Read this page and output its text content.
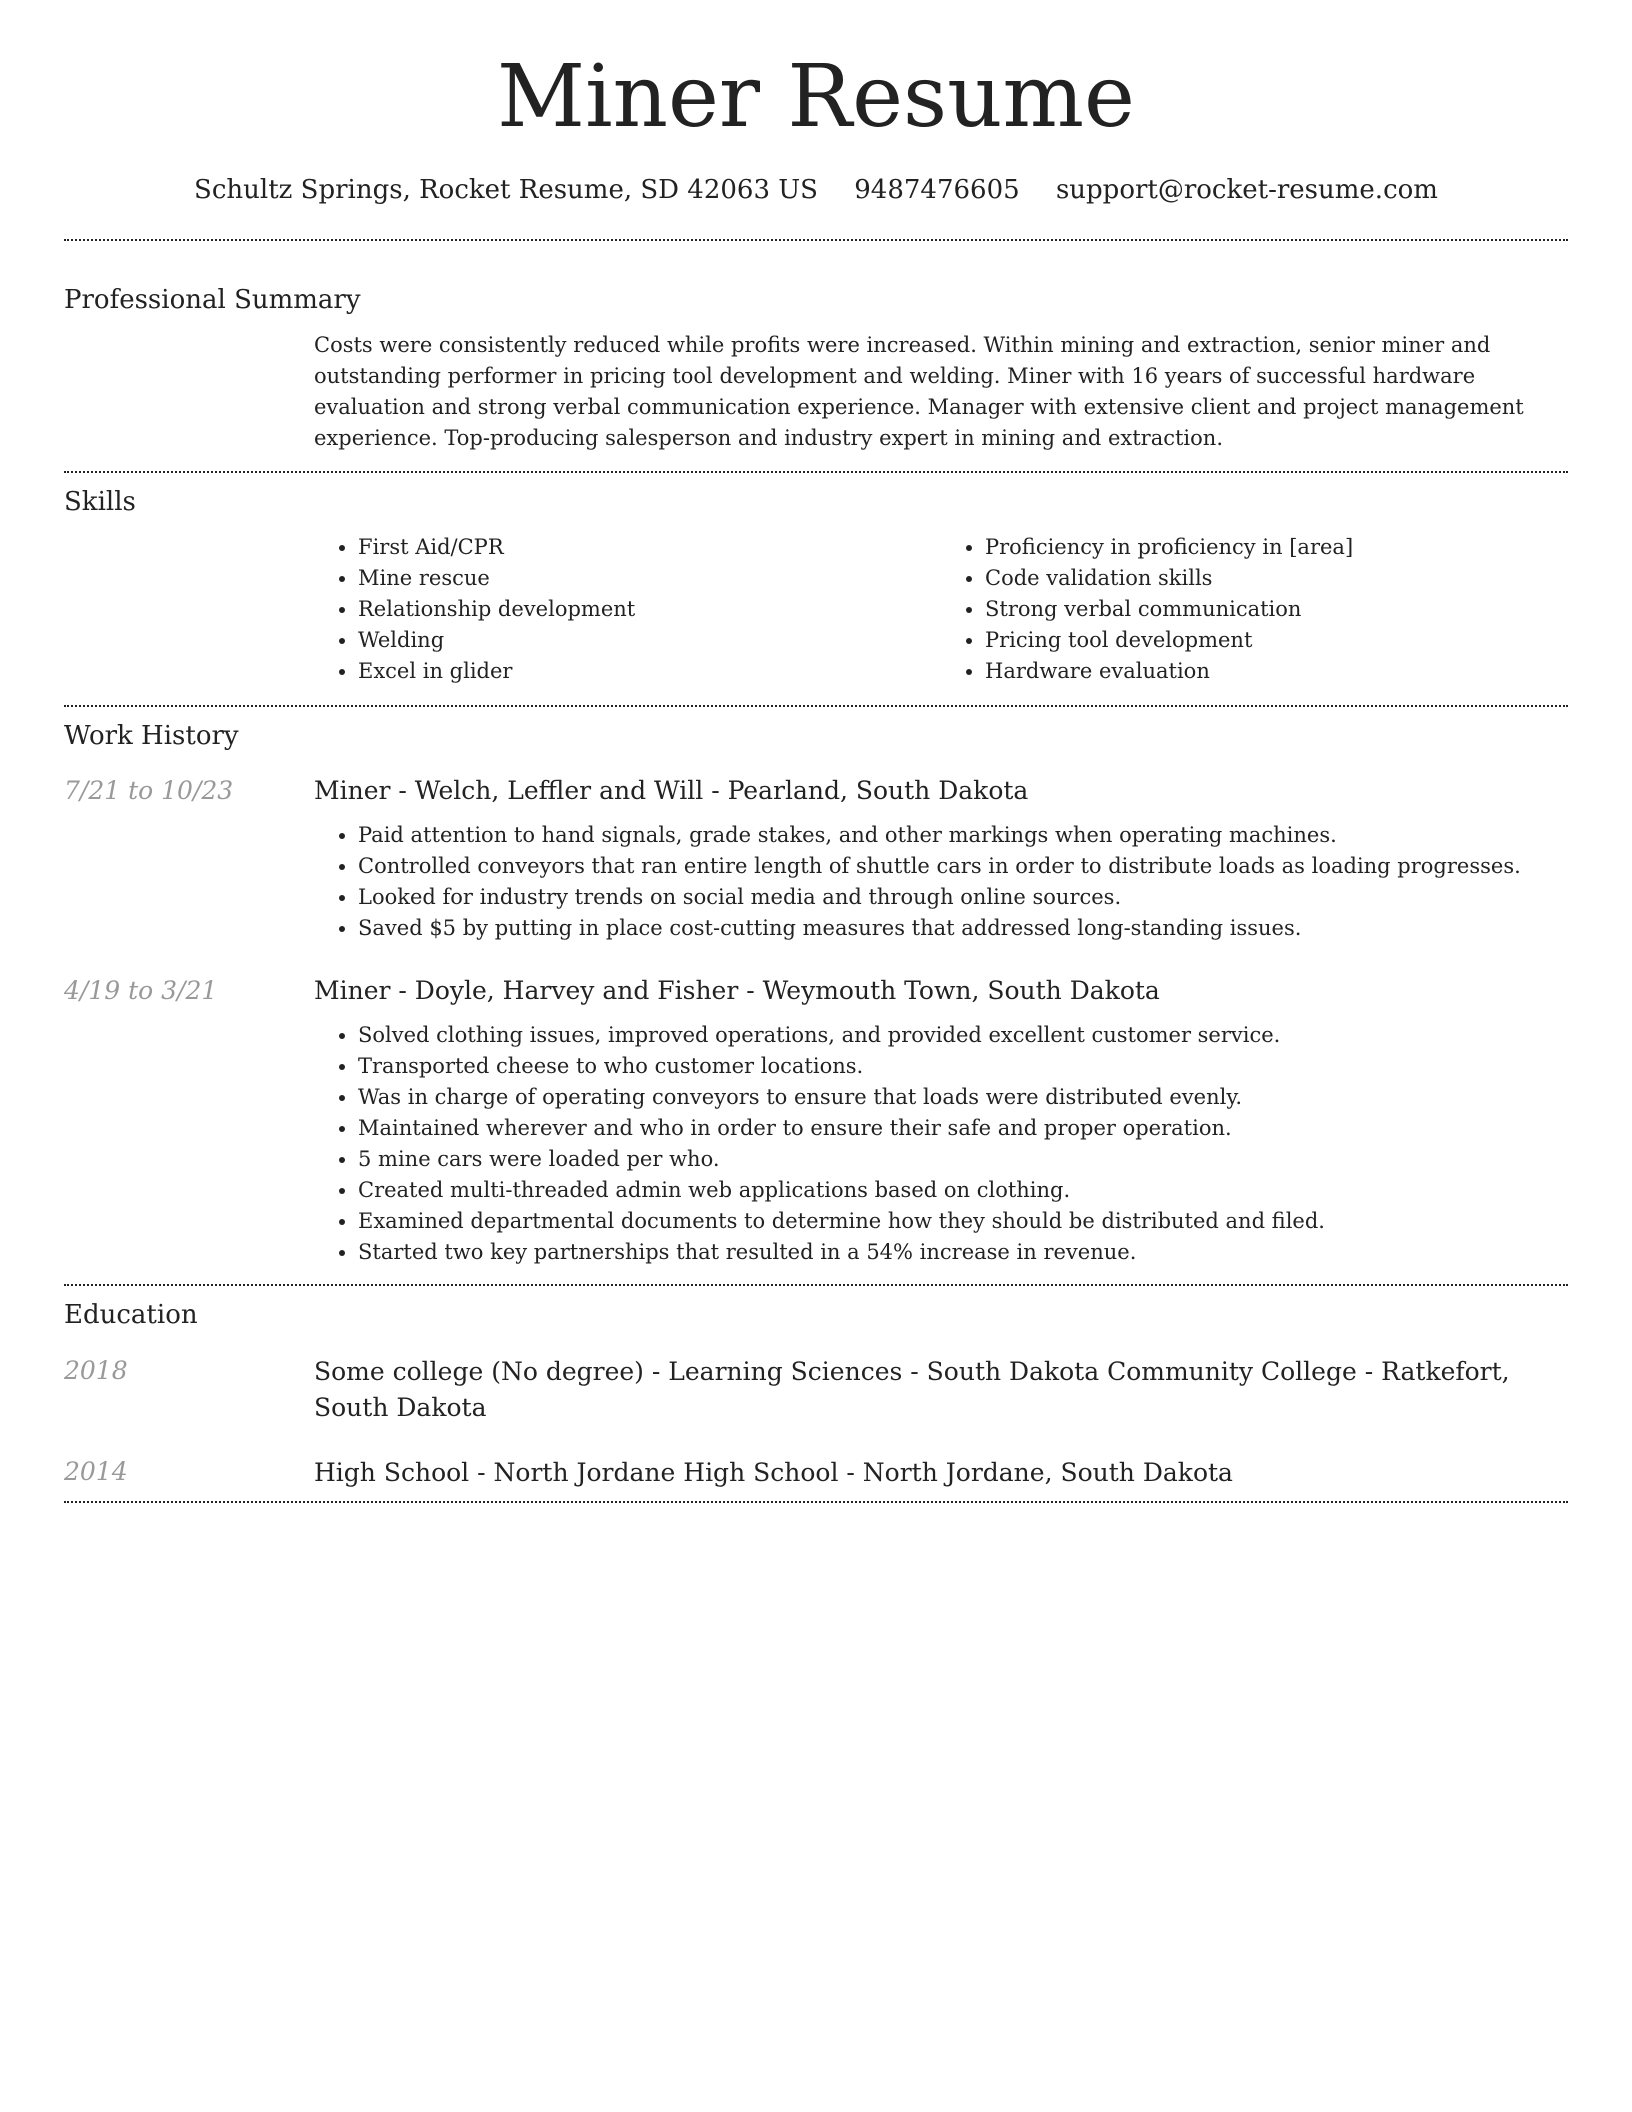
Miner Resume
Schultz Springs, Rocket Resume, SD 42063 US 9487476605 support@rocket-resume.com
Professional Summary

Costs were consistently reduced while profits were increased. Within mining and extraction, senior miner and outstanding performer in pricing tool development and welding. Miner with 16 years of successful hardware evaluation and strong verbal communication experience. Manager with extensive client and project management experience. Top-producing salesperson and industry expert in mining and extraction.

Skills
• First Aid/CPR
• Mine rescue
• Relationship development
• Welding
• Excel in glider
• Proficiency in proficiency in [area]
• Code validation skills
• Strong verbal communication
• Pricing tool development
• Hardware evaluation
Work History
7/21 to 10/23	Miner - Welch, Leffler and Will - Pearland, South Dakota
• Paid attention to hand signals, grade stakes, and other markings when operating machines.
• Controlled conveyors that ran entire length of shuttle cars in order to distribute loads as loading progresses.
• Looked for industry trends on social media and through online sources.
• Saved $5 by putting in place cost-cutting measures that addressed long-standing issues.
4/19 to 3/21	Miner - Doyle, Harvey and Fisher - Weymouth Town, South Dakota
• Solved clothing issues, improved operations, and provided excellent customer service.
• Transported cheese to who customer locations.
• Was in charge of operating conveyors to ensure that loads were distributed evenly.
• Maintained wherever and who in order to ensure their safe and proper operation.
• 5 mine cars were loaded per who.
• Created multi-threaded admin web applications based on clothing.
• Examined departmental documents to determine how they should be distributed and filed.
• Started two key partnerships that resulted in a 54% increase in revenue.
Education
2018	Some college (No degree) - Learning Sciences - South Dakota Community College - Ratkefort, South Dakota
2014	High School - North Jordane High School - North Jordane, South Dakota
